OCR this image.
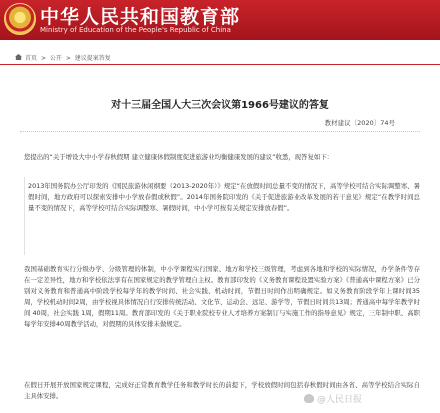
中华人民共和国教育部
Ministry of Education of the People's Republic of China
首页 > 公开 > 建议提案答复
对十三届全国人大三次会议第1966号建议的答复
教材建议〔2020〕74号

您提出的“关于增设大中小学春秋假期 建立健康休假制度促进旅游业均衡健康发展的建议”收悉，现答复如下：

2013年国务院办公厅印发的《国民旅游休闲纲要（2013-2020年）》规定“在放假时间总量不变的情况下，高等学校可结合实际调整寒、暑假时间，地方政府可以探索安排中小学放春假或秋假”。2014年国务院印发的《关于促进旅游业改革发展的若干意见》规定“在教学时间总量不变的情况下，高等学校可结合实际调整寒、暑假时间，中小学可按有关规定安排放春假”。

我国基础教育实行分级办学、分级管理的体制，中小学课程实行国家、地方和学校三级管理，考虑到各地和学校的实际情况，办学条件等存在一定差异性，地方和学校依法享有在国家规定的教学管理自主权。教育部印发的《义务教育课程设置实验方案》《普通高中课程方案》已分别对义务教育和普通高中阶段学校每学年的教学时间、社会实践、机动时间，节假日时间作出明确规定。如义务教育阶段学年上课时间35周，学校机动时间2周，由学校视具体情况自行安排传统活动、文化节、运动会、远足、游学等，节假日时间共13周；普通高中每学年教学时间 40周，社会实践 1周，假期11周。教育部印发的《关于职业院校专业人才培养方案制订与实施工作的指导意见》规定，三年制中职、高职每学年安排40周教学活动，对假期的具体安排未做规定。

在假日开展开放国家规定课程，完成好正常教育教学任务和教学时长的前提下，学校放假时间包括春秋假时间由各省、高等学校结合实际自主具体安排。	@人民日报
